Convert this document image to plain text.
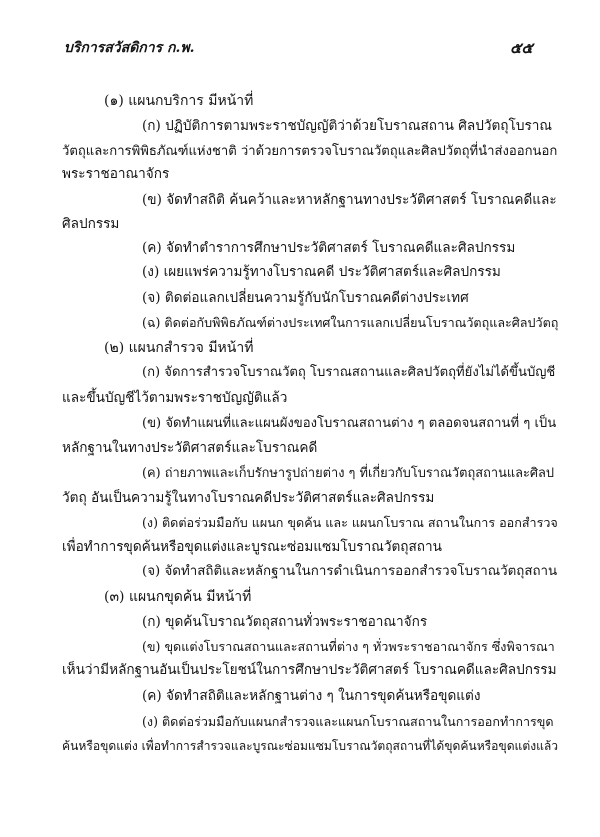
บริการสวัสดิการ ก.พ.	๕๕
(๑) แผนกบริการ มีหน้าที่
(ก) ปฏิบัติการตามพระราชบัญญัติว่าด้วยโบราณสถาน ศิลปวัตถุโบราณ
วัตถุและการพิพิธภัณฑ์แห่งชาติ ว่าด้วยการตรวจโบราณวัตถุและศิลปวัตถุที่นำส่งออกนอก
พระราชอาณาจักร
(ข) จัดทำสถิติ ค้นคว้าและหาหลักฐานทางประวัติศาสตร์ โบราณคดีและ
ศิลปกรรม
(ค) จัดทำตำราการศึกษาประวัติศาสตร์ โบราณคดีและศิลปกรรม
(ง) เผยแพร่ความรู้ทางโบราณคดี ประวัติศาสตร์และศิลปกรรม
(จ) ติดต่อแลกเปลี่ยนความรู้กับนักโบราณคดีต่างประเทศ
(ฉ) ติดต่อกับพิพิธภัณฑ์ต่างประเทศในการแลกเปลี่ยนโบราณวัตถุและศิลปวัตถุ
(๒) แผนกสำรวจ มีหน้าที่
(ก) จัดการสำรวจโบราณวัตถุ โบราณสถานและศิลปวัตถุที่ยังไม่ได้ขึ้นบัญชี
และขึ้นบัญชีไว้ตามพระราชบัญญัติแล้ว
(ข) จัดทำแผนที่และแผนผังของโบราณสถานต่าง ๆ ตลอดจนสถานที่ ๆ เป็น
หลักฐานในทางประวัติศาสตร์และโบราณคดี
(ค) ถ่ายภาพและเก็บรักษารูปถ่ายต่าง ๆ ที่เกี่ยวกับโบราณวัตถุสถานและศิลป
วัตถุ อันเป็นความรู้ในทางโบราณคดีประวัติศาสตร์และศิลปกรรม
(ง) ติดต่อร่วมมือกับ แผนก ขุดค้น และ แผนกโบราณ สถานในการ ออกสำรวจ
เพื่อทำการขุดค้นหรือขุดแต่งและบูรณะซ่อมแซมโบราณวัตถุสถาน
(จ) จัดทำสถิติและหลักฐานในการดำเนินการออกสำรวจโบราณวัตถุสถาน
(๓) แผนกขุดค้น มีหน้าที่
(ก) ขุดค้นโบราณวัตถุสถานทั่วพระราชอาณาจักร
(ข) ขุดแต่งโบราณสถานและสถานที่ต่าง ๆ ทั่วพระราชอาณาจักร ซึ่งพิจารณา
เห็นว่ามีหลักฐานอันเป็นประโยชน์ในการศึกษาประวัติศาสตร์ โบราณคดีและศิลปกรรม
(ค) จัดทำสถิติและหลักฐานต่าง ๆ ในการขุดค้นหรือขุดแต่ง
(ง) ติดต่อร่วมมือกับแผนกสำรวจและแผนกโบราณสถานในการออกทำการขุด
ค้นหรือขุดแต่ง เพื่อทำการสำรวจและบูรณะซ่อมแซมโบราณวัตถุสถานที่ได้ขุดค้นหรือขุดแต่งแล้ว
